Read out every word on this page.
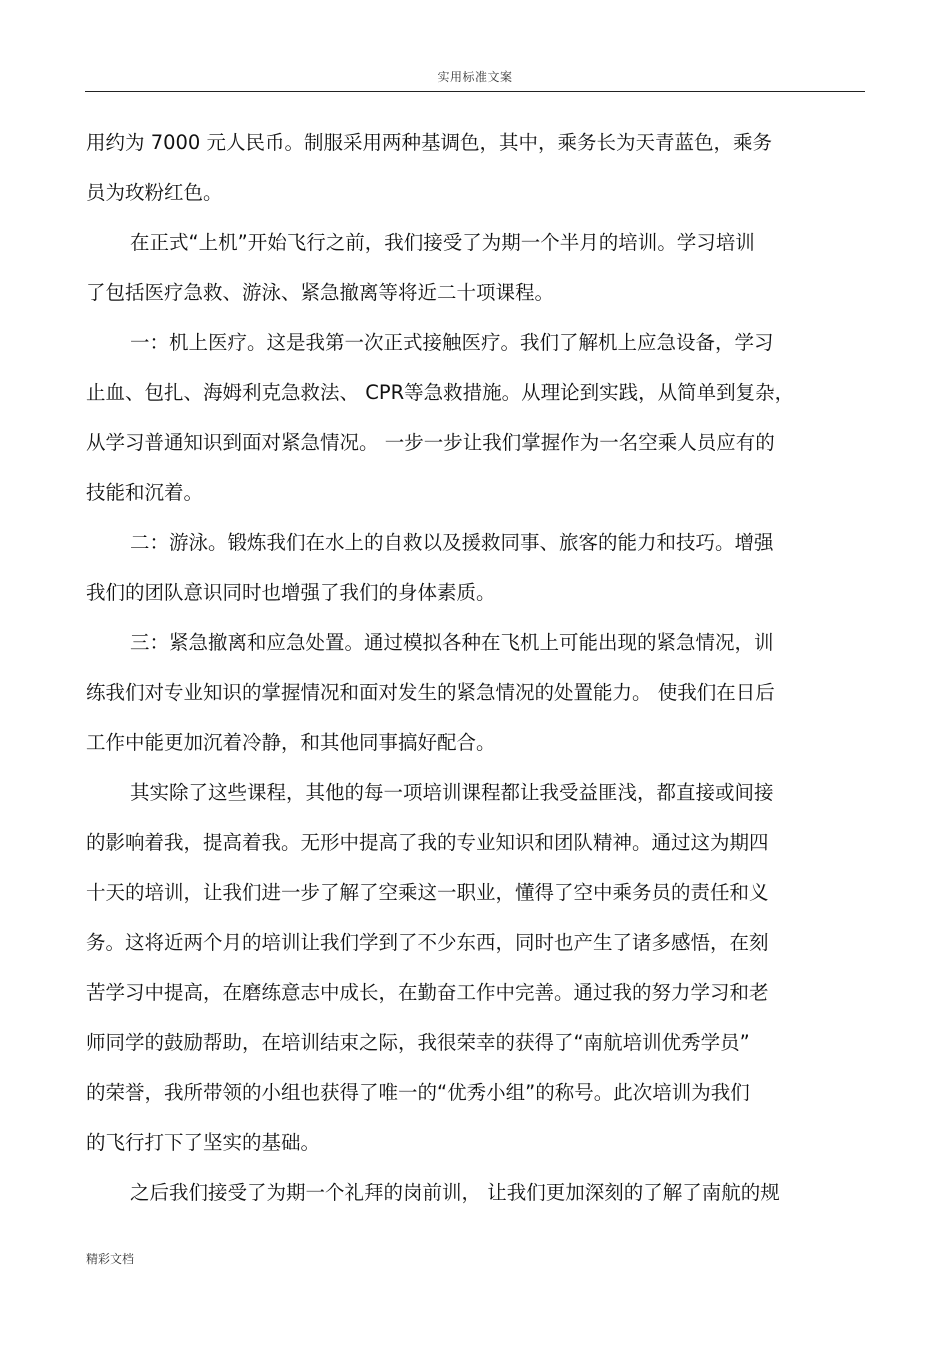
实用标准文案
用约为 7000 元人民币。制服采用两种基调色，其中，乘务长为天青蓝色，乘务
员为玫粉红色。
在正式“上机”开始飞行之前，我们接受了为期一个半月的培训。学习培训
了包括医疗急救、游泳、紧急撤离等将近二十项课程。
一：机上医疗。这是我第一次正式接触医疗。我们了解机上应急设备，学习
止血、包扎、海姆利克急救法、 CPR等急救措施。从理论到实践，从简单到复杂，
从学习普通知识到面对紧急情况。 一步一步让我们掌握作为一名空乘人员应有的
技能和沉着。
二：游泳。锻炼我们在水上的自救以及援救同事、旅客的能力和技巧。增强
我们的团队意识同时也增强了我们的身体素质。
三：紧急撤离和应急处置。通过模拟各种在飞机上可能出现的紧急情况，训
练我们对专业知识的掌握情况和面对发生的紧急情况的处置能力。 使我们在日后
工作中能更加沉着冷静，和其他同事搞好配合。
其实除了这些课程，其他的每一项培训课程都让我受益匪浅，都直接或间接
的影响着我，提高着我。无形中提高了我的专业知识和团队精神。通过这为期四
十天的培训，让我们进一步了解了空乘这一职业，懂得了空中乘务员的责任和义
务。这将近两个月的培训让我们学到了不少东西，同时也产生了诸多感悟，在刻
苦学习中提高，在磨练意志中成长，在勤奋工作中完善。通过我的努力学习和老
师同学的鼓励帮助，在培训结束之际，我很荣幸的获得了“南航培训优秀学员”
的荣誉，我所带领的小组也获得了唯一的“优秀小组”的称号。此次培训为我们
的飞行打下了坚实的基础。
之后我们接受了为期一个礼拜的岗前训， 让我们更加深刻的了解了南航的规
精彩文档
